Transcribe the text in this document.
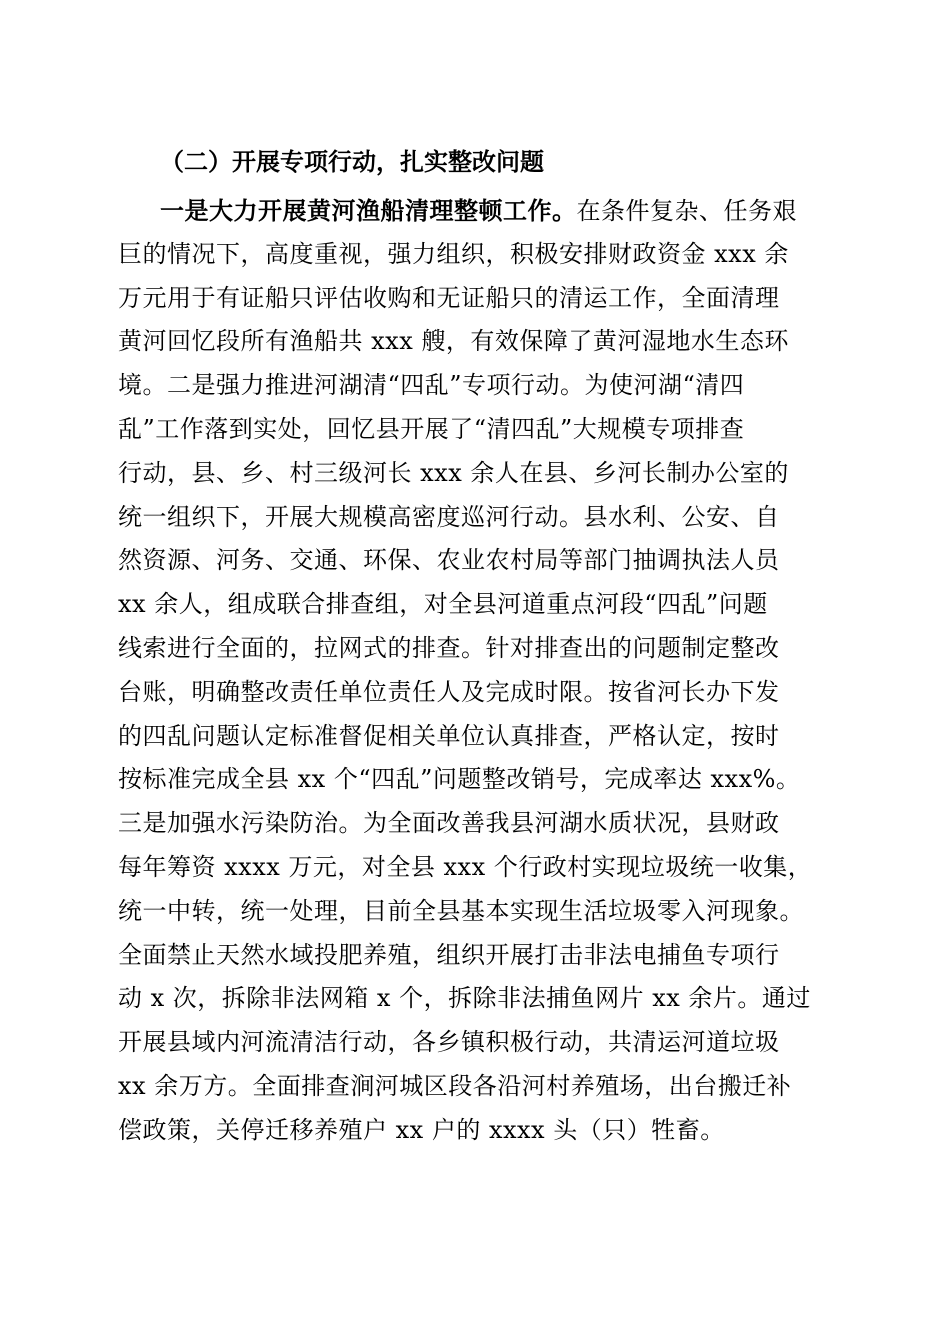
（二）开展专项行动，扎实整改问题
一是大力开展黄河渔船清理整顿工作。在条件复杂、任务艰
巨的情况下，高度重视，强力组织，积极安排财政资金 xxx 余
万元用于有证船只评估收购和无证船只的清运工作，全面清理
黄河回忆段所有渔船共 xxx 艘，有效保障了黄河湿地水生态环
境。二是强力推进河湖清“四乱”专项行动。为使河湖“清四
乱”工作落到实处，回忆县开展了“清四乱”大规模专项排查
行动，县、乡、村三级河长 xxx 余人在县、乡河长制办公室的
统一组织下，开展大规模高密度巡河行动。县水利、公安、自
然资源、河务、交通、环保、农业农村局等部门抽调执法人员
xx 余人，组成联合排查组，对全县河道重点河段“四乱”问题
线索进行全面的，拉网式的排查。针对排查出的问题制定整改
台账，明确整改责任单位责任人及完成时限。按省河长办下发
的四乱问题认定标准督促相关单位认真排查，严格认定，按时
按标准完成全县 xx 个“四乱”问题整改销号，完成率达 xxx%。
三是加强水污染防治。为全面改善我县河湖水质状况，县财政
每年筹资 xxxx 万元，对全县 xxx 个行政村实现垃圾统一收集，
统一中转，统一处理，目前全县基本实现生活垃圾零入河现象。
全面禁止天然水域投肥养殖，组织开展打击非法电捕鱼专项行
动 x 次，拆除非法网箱 x 个，拆除非法捕鱼网片 xx 余片。通过
开展县域内河流清洁行动，各乡镇积极行动，共清运河道垃圾
xx 余万方。全面排查涧河城区段各沿河村养殖场，出台搬迁补
偿政策，关停迁移养殖户 xx 户的 xxxx 头（只）牲畜。
